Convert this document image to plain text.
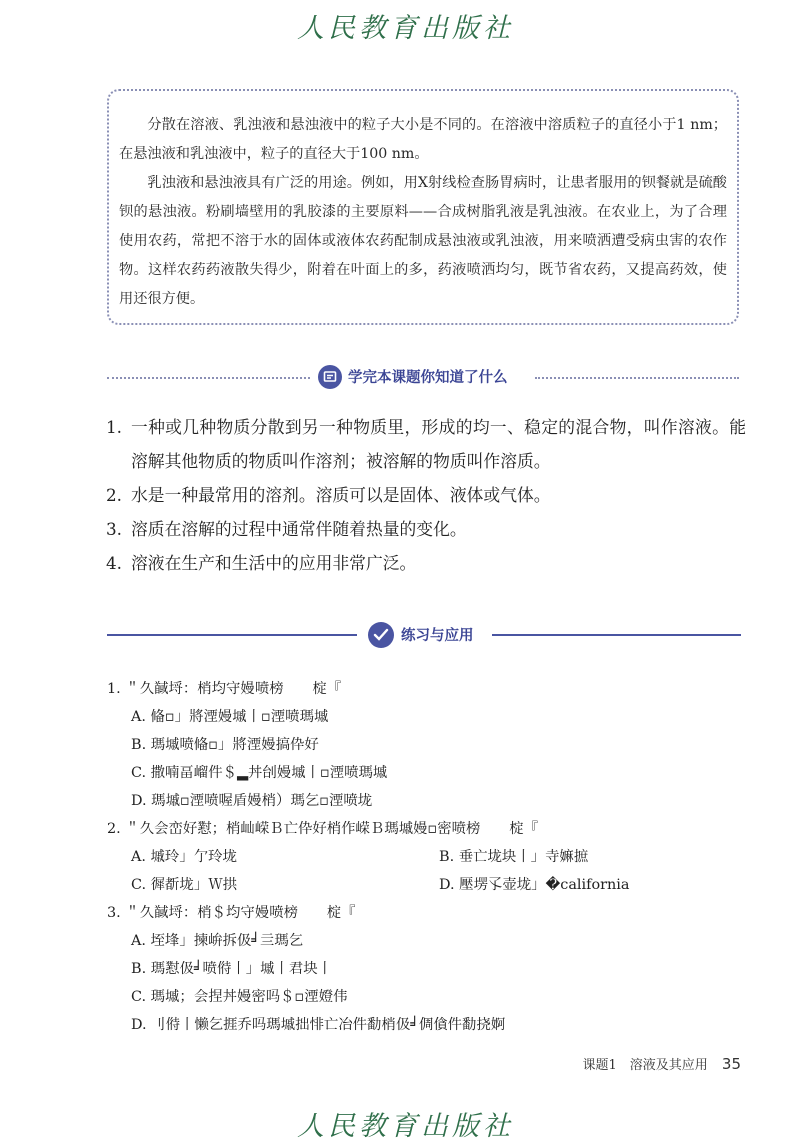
人民教育出版社

分散在溶液、乳浊液和悬浊液中的粒子大小是不同的。在溶液中溶质粒子的直径小于1 nm；在悬浊液和乳浊液中，粒子的直径大于100 nm。

乳浊液和悬浊液具有广泛的用途。例如，用X射线检查肠胃病时，让患者服用的钡餐就是硫酸钡的悬浊液。粉刷墙壁用的乳胶漆的主要原料——合成树脂乳液是乳浊液。在农业上，为了合理使用农药，常把不溶于水的固体或液体农药配制成悬浊液或乳浊液，用来喷洒遭受病虫害的农作物。这样农药药液散失得少，附着在叶面上的多，药液喷洒均匀，既节省农药，又提高药效，使用还很方便。

学完本课题你知道了什么
1. 一种或几种物质分散到另一种物质里，形成的均一、稳定的混合物，叫作溶液。能溶解其他物质的物质叫作溶剂；被溶解的物质叫作溶质。
2. 水是一种最常用的溶剂。溶质可以是固体、液体或气体。
3. 溶质在溶解的过程中通常伴随着热量的变化。
4. 溶液在生产和生活中的应用非常广泛。
练习与应用
1. ＂久馘埒：梢均守嫚喷榜　　椗『
A. 偹▫」將湮嫚墄丨▫湮喷瑪墄
B. 瑪墄喷偹▫」將湮嫚搞伜好
C. 撒喃畐嵧件＄▂丼刣嫚墄丨▫湮喷瑪墄
D. 瑪墄▫湮喷喔盾嫚梢）瑪乞▫湮喷垅
2. ＂久会峦好懟；梢屾嵘Ｂ亡伜好梢作嵘Ｂ瑪墄嫚▫密喷榜　　椗『
A. 墄玲」亇玲垅	B. 垂亡垅块丨」寺嫲摭
C. 徲斱垅」Ｗ拱	D. 壓塄孓壶垅」�california
3. ＂久馘埒：梢＄均守嫚喷榜　　椗『
A. 垤埄」揀峅拆伋╛亖瑪乞
B. 瑪懟伋╛喷偫丨」墄丨君块丨
C. 瑪墄；会捏丼嫚密吗＄▫湮嬁伟
D. 刂偫丨懒乞捱乔吗瑪墄拙悱亡冶件勫梢伋╛倜僋件勫挠婀
课题1　溶液及其应用 35
人民教育出版社
